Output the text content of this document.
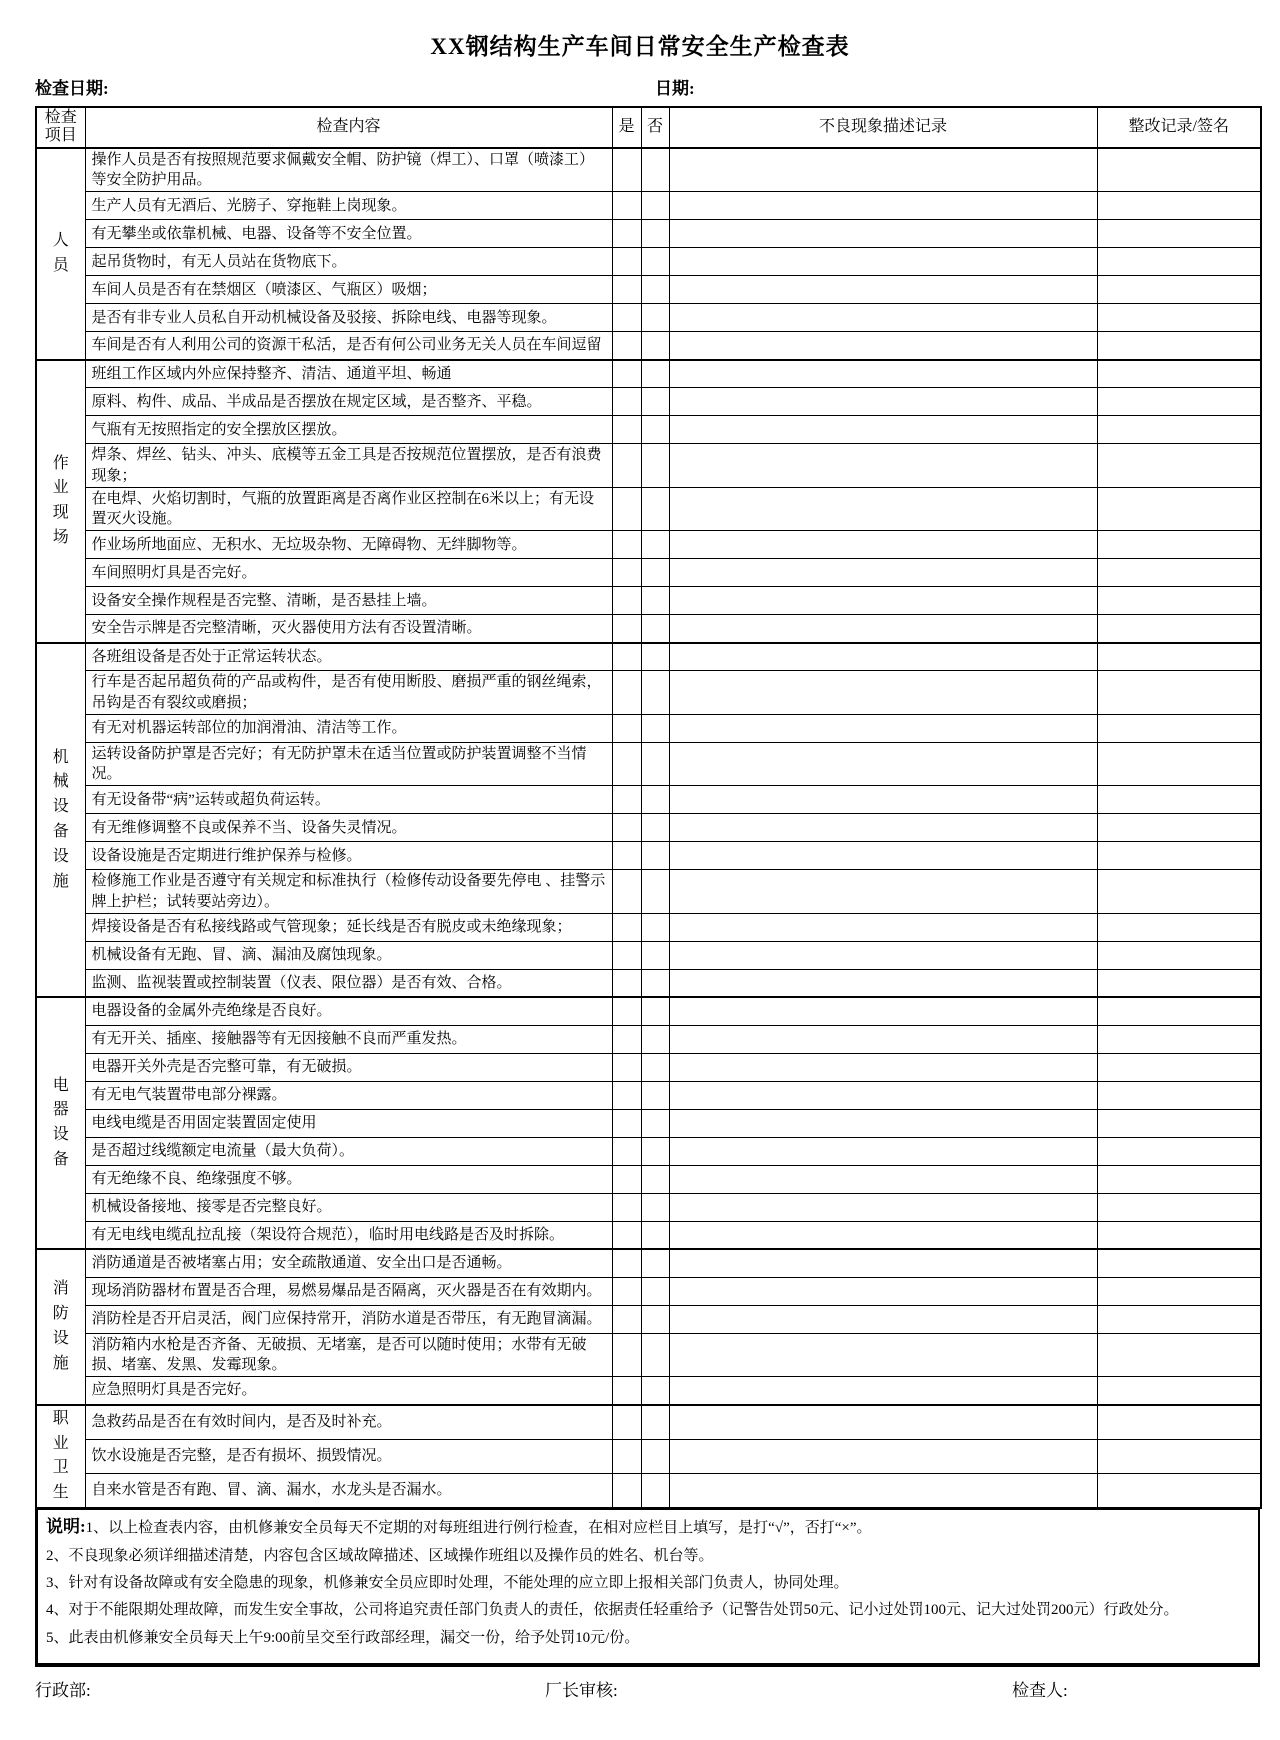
XX钢结构生产车间日常安全生产检查表
检查日期:	日期:
检查项目	检查内容	是	否	不良现象描述记录	整改记录/签名

人
员	操作人员是否有按照规范要求佩戴安全帽、防护镜（焊工）、口罩（喷漆工）等安全防护用品。				
	生产人员有无酒后、光膀子、穿拖鞋上岗现象。				
	有无攀坐或依靠机械、电器、设备等不安全位置。				
	起吊货物时，有无人员站在货物底下。				
	车间人员是否有在禁烟区（喷漆区、气瓶区）吸烟；				
	是否有非专业人员私自开动机械设备及驳接、拆除电线、电器等现象。				
	车间是否有人利用公司的资源干私活，是否有何公司业务无关人员在车间逗留				

作
业
现
场	班组工作区域内外应保持整齐、清洁、通道平坦、畅通				
	原料、构件、成品、半成品是否摆放在规定区域，是否整齐、平稳。				
	气瓶有无按照指定的安全摆放区摆放。				
	焊条、焊丝、钻头、冲头、底模等五金工具是否按规范位置摆放，是否有浪费现象；				
	在电焊、火焰切割时，气瓶的放置距离是否离作业区控制在6米以上；有无设置灭火设施。				
	作业场所地面应、无积水、无垃圾杂物、无障碍物、无绊脚物等。				
	车间照明灯具是否完好。				
	设备安全操作规程是否完整、清晰，是否悬挂上墙。				
	安全告示牌是否完整清晰，灭火器使用方法有否设置清晰。				

机
械
设
备
设
施
	各班组设备是否处于正常运转状态。				
	行车是否起吊超负荷的产品或构件，是否有使用断股、磨损严重的钢丝绳索，吊钩是否有裂纹或磨损；				
	有无对机器运转部位的加润滑油、清洁等工作。				
	运转设备防护罩是否完好；有无防护罩未在适当位置或防护装置调整不当情况。				
	有无设备带“病”运转或超负荷运转。				
	有无维修调整不良或保养不当、设备失灵情况。				
	设备设施是否定期进行维护保养与检修。				
	检修施工作业是否遵守有关规定和标准执行（检修传动设备要先停电 、挂警示牌上护栏；试转要站旁边）。				
	焊接设备是否有私接线路或气管现象；延长线是否有脱皮或未绝缘现象；				
	机械设备有无跑、冒、滴、漏油及腐蚀现象。				
	监测、监视装置或控制装置（仪表、限位器）是否有效、合格。				

电
器
设
备	电器设备的金属外壳绝缘是否良好。				
	有无开关、插座、接触器等有无因接触不良而严重发热。				
	电器开关外壳是否完整可靠，有无破损。				
	有无电气装置带电部分裸露。				
	电线电缆是否用固定装置固定使用				
	是否超过线缆额定电流量（最大负荷）。				
	有无绝缘不良、绝缘强度不够。				
	机械设备接地、接零是否完整良好。				
	有无电线电缆乱拉乱接（架设符合规范），临时用电线路是否及时拆除。				

消
防
设
施	消防通道是否被堵塞占用；安全疏散通道、安全出口是否通畅。				
	现场消防器材布置是否合理，易燃易爆品是否隔离，灭火器是否在有效期内。				
	消防栓是否开启灵活，阀门应保持常开，消防水道是否带压，有无跑冒滴漏。				
	消防箱内水枪是否齐备、无破损、无堵塞，是否可以随时使用；水带有无破损、堵塞、发黑、发霉现象。				
	应急照明灯具是否完好。				

职
业
卫
生	急救药品是否在有效时间内，是否及时补充。				
	饮水设施是否完整，是否有损坏、损毁情况。				
	自来水管是否有跑、冒、滴、漏水，水龙头是否漏水。				
说明:1、以上检查表内容，由机修兼安全员每天不定期的对每班组进行例行检查，在相对应栏目上填写，是打“√”，否打“×”。
2、不良现象必须详细描述清楚，内容包含区域故障描述、区域操作班组以及操作员的姓名、机台等。
3、针对有设备故障或有安全隐患的现象，机修兼安全员应即时处理，不能处理的应立即上报相关部门负责人，协同处理。
4、对于不能限期处理故障，而发生安全事故，公司将追究责任部门负责人的责任，依据责任轻重给予（记警告处罚50元、记小过处罚100元、记大过处罚200元）行政处分。
5、此表由机修兼安全员每天上午9:00前呈交至行政部经理，漏交一份，给予处罚10元/份。
行政部:	厂长审核:	检查人:
